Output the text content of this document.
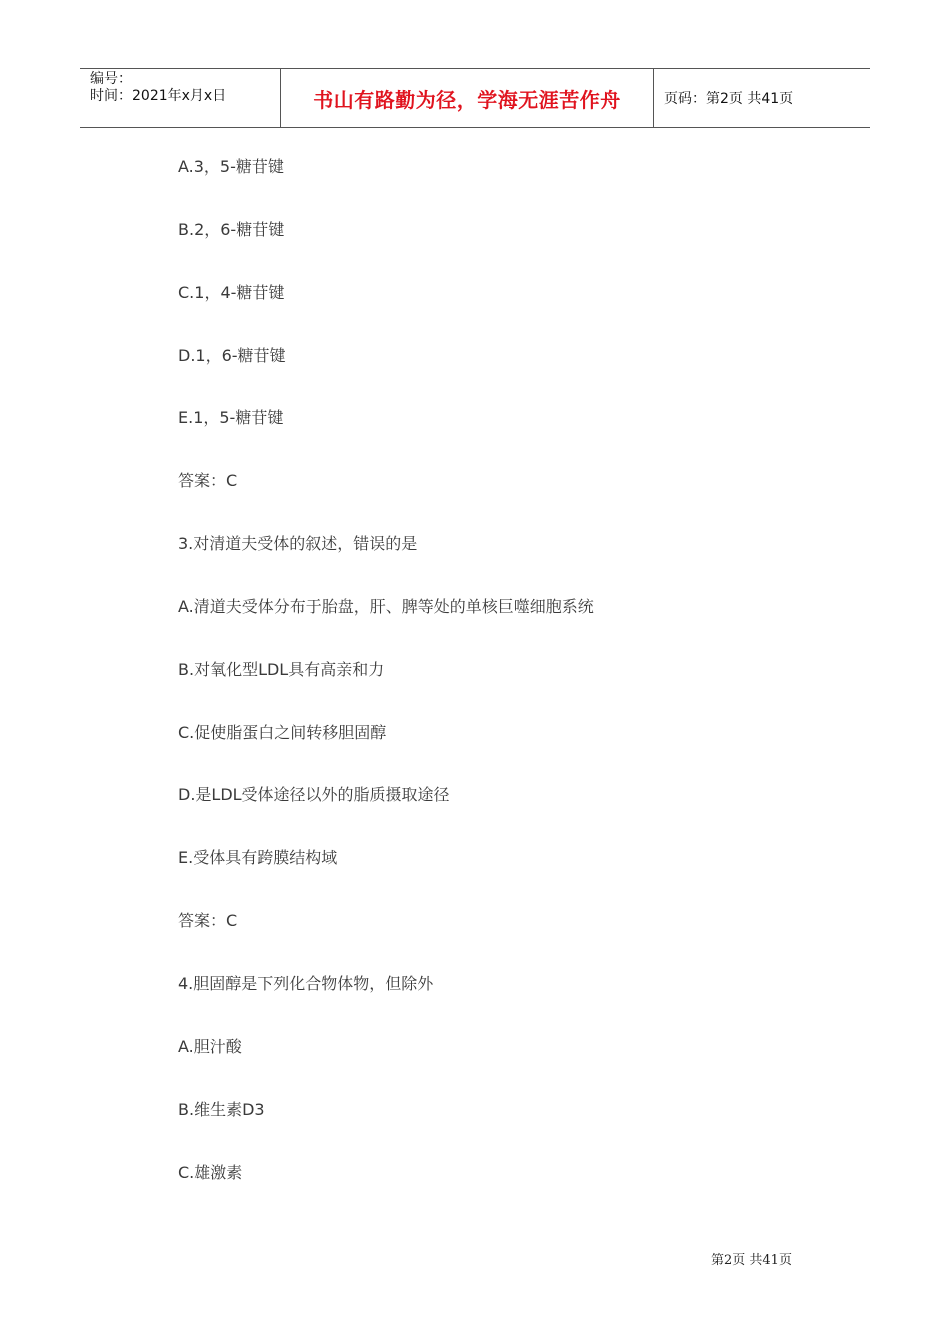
编号：
时间：2021年x月x日	书山有路勤为径，学海无涯苦作舟	页码：第2页 共41页
A.3，5-糖苷键
B.2，6-糖苷键
C.1，4-糖苷键
D.1，6-糖苷键
E.1，5-糖苷键
答案：C
3.对清道夫受体的叙述，错误的是
A.清道夫受体分布于胎盘，肝、脾等处的单核巨噬细胞系统
B.对氧化型LDL具有高亲和力
C.促使脂蛋白之间转移胆固醇
D.是LDL受体途径以外的脂质摄取途径
E.受体具有跨膜结构域
答案：C
4.胆固醇是下列化合物体物，但除外
A.胆汁酸
B.维生素D3
C.雄激素
第2页 共41页
